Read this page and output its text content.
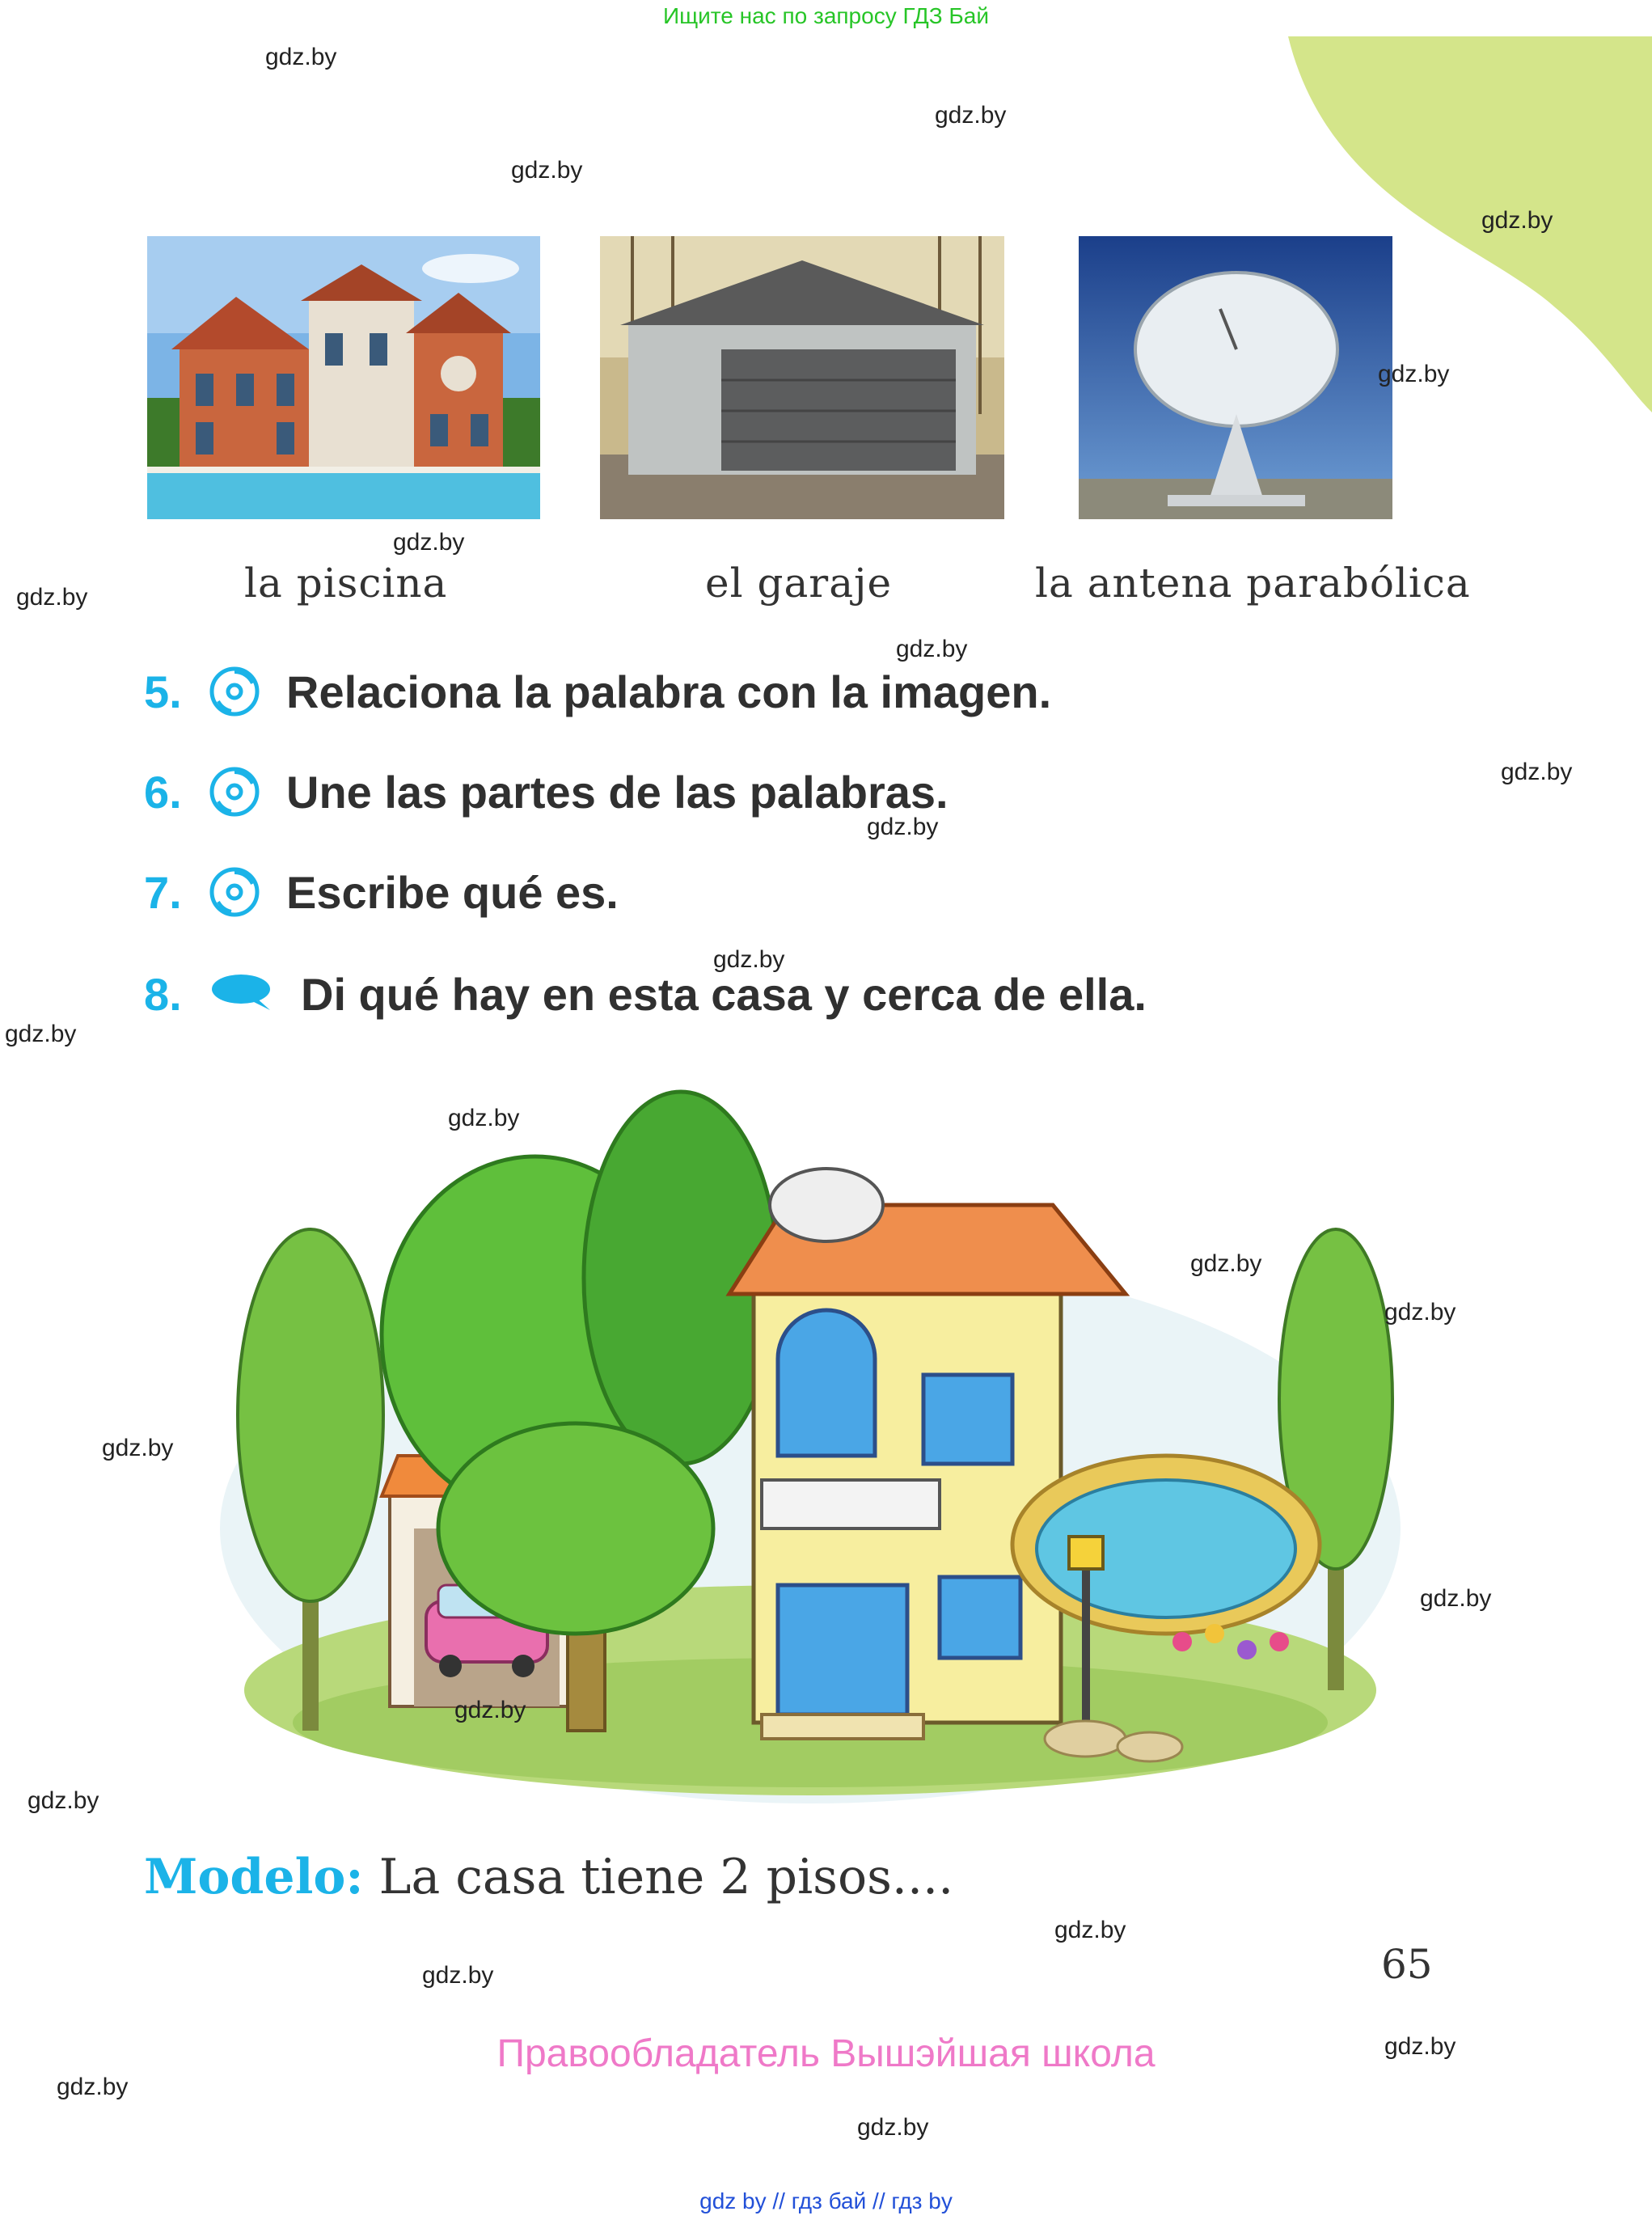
Ищите нас по запросу ГДЗ Бай
la piscina	el garaje	la antena parabólica
5.	Relaciona la palabra con la imagen.
6.	Une las partes de las palabras.
7.	Escribe qué es.
8.	Di qué hay en esta casa y cerca de ella.
Modelo: La casa tiene 2 pisos....
65
Правообладатель Вышэйшая школа
gdz by // гдз бай // гдз by
gdz.by
gdz.by
gdz.by
gdz.by
gdz.by
gdz.by
gdz.by
gdz.by
gdz.by
gdz.by
gdz.by
gdz.by
gdz.by
gdz.by
gdz.by
gdz.by
gdz.by
gdz.by
gdz.by
gdz.by
gdz.by
gdz.by
gdz.by
gdz.by
